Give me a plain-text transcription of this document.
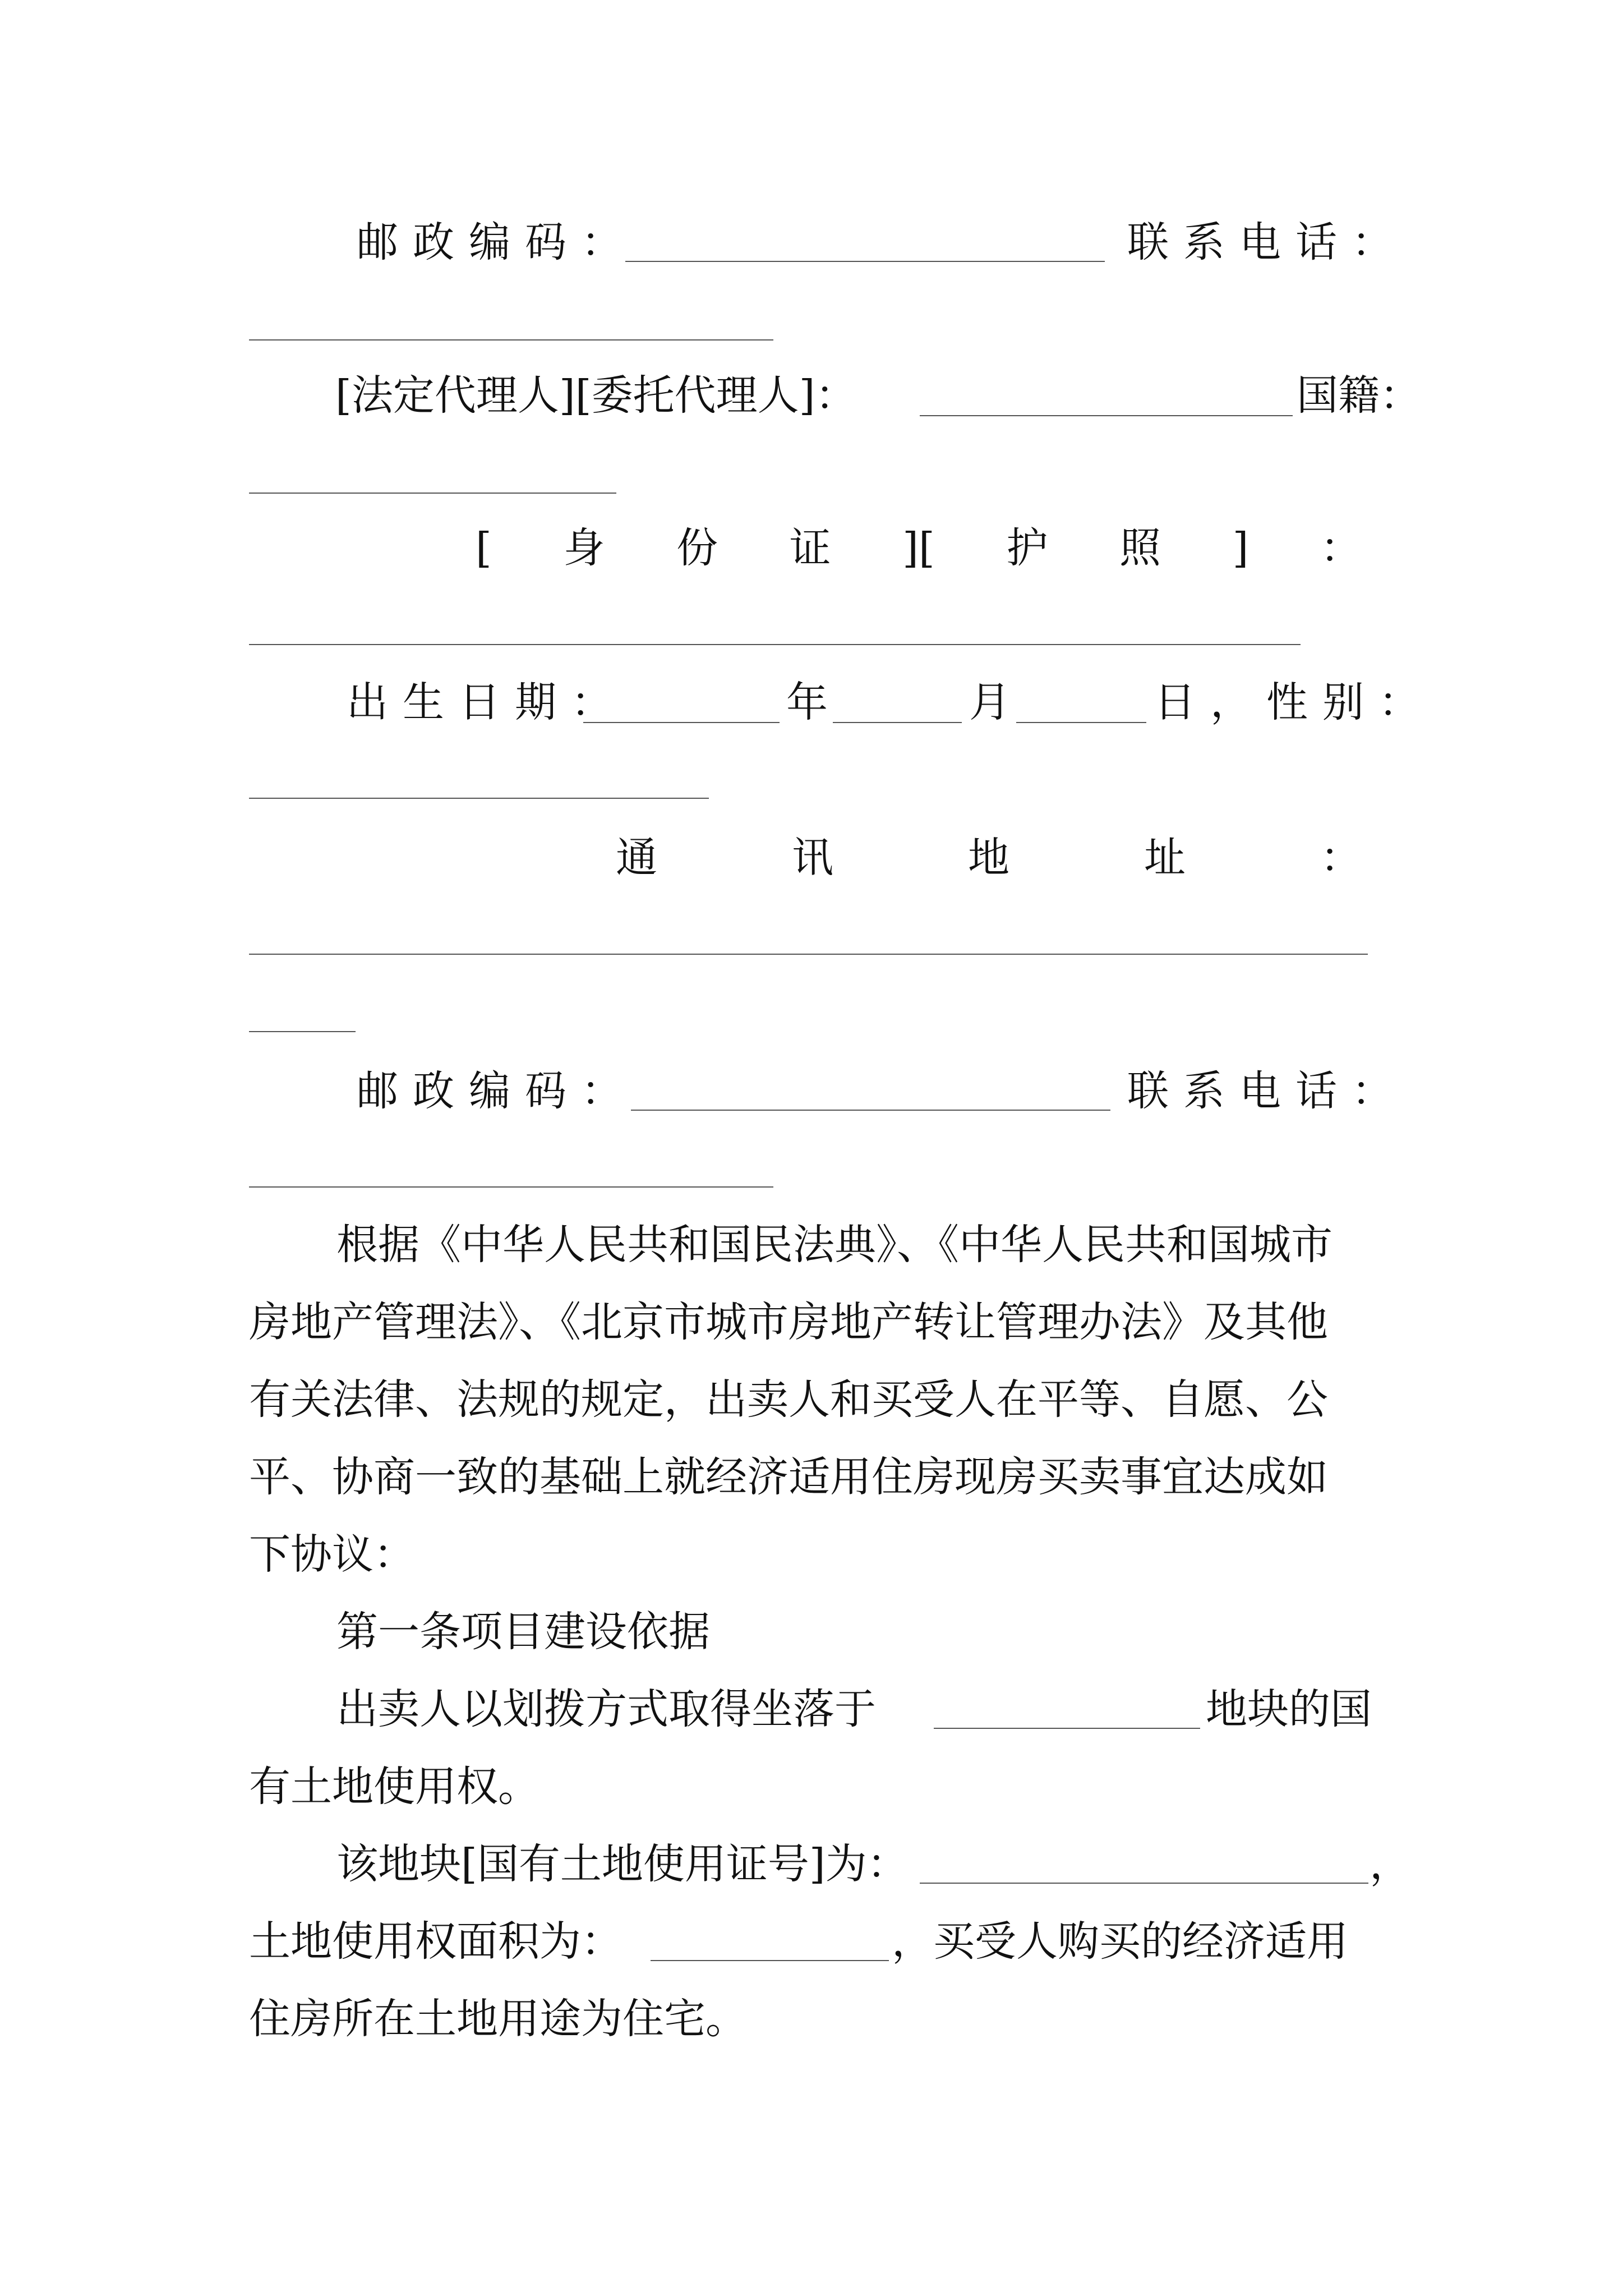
邮政编码：	联系电话：
[法定代理人][委托代理人]：	国籍：
[ 身 份 证 ][ 护 照 ] ：
出生日期：	年	月	日，性别：
通	讯	地	址	：
邮政编码：	联系电话：
根据《中华人民共和国民法典》、《中华人民共和国城市
房地产管理法》、《北京市城市房地产转让管理办法》及其他
有关法律、法规的规定，出卖人和买受人在平等、自愿、公
平、协商一致的基础上就经济适用住房现房买卖事宜达成如
下协议：
第一条项目建设依据
出卖人以划拨方式取得坐落于	地块的国
有土地使用权。
该地块[国有土地使用证号]为：	，
土地使用权面积为：	，买受人购买的经济适用
住房所在土地用途为住宅。
